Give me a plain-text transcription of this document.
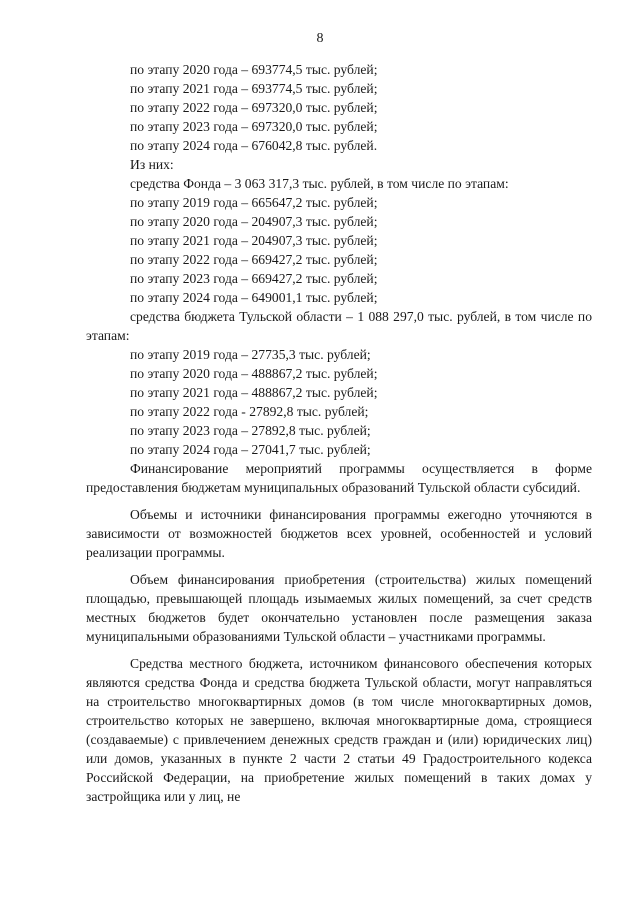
8
по этапу 2020 года – 693774,5 тыс. рублей;
по этапу 2021 года – 693774,5 тыс. рублей;
по этапу 2022 года – 697320,0 тыс. рублей;
по этапу 2023 года – 697320,0 тыс. рублей;
по этапу 2024 года – 676042,8 тыс. рублей.
Из них:
средства Фонда – 3 063 317,3 тыс. рублей, в том числе по этапам:
по этапу 2019 года – 665647,2 тыс. рублей;
по этапу 2020 года – 204907,3 тыс. рублей;
по этапу 2021 года – 204907,3 тыс. рублей;
по этапу 2022 года – 669427,2 тыс. рублей;
по этапу 2023 года – 669427,2 тыс. рублей;
по этапу 2024 года – 649001,1 тыс. рублей;
средства бюджета Тульской области – 1 088 297,0 тыс. рублей, в том числе по этапам:
по этапу 2019 года – 27735,3 тыс. рублей;
по этапу 2020 года – 488867,2 тыс. рублей;
по этапу 2021 года – 488867,2 тыс. рублей;
по этапу 2022 года - 27892,8 тыс. рублей;
по этапу 2023 года – 27892,8 тыс. рублей;
по этапу 2024 года – 27041,7 тыс. рублей;

Финансирование мероприятий программы осуществляется в форме предоставления бюджетам муниципальных образований Тульской области субсидий.

Объемы и источники финансирования программы ежегодно уточняются в зависимости от возможностей бюджетов всех уровней, особенностей и условий реализации программы.

Объем финансирования приобретения (строительства) жилых помещений площадью, превышающей площадь изымаемых жилых помещений, за счет средств местных бюджетов будет окончательно установлен после размещения заказа муниципальными образованиями Тульской области – участниками программы.

Средства местного бюджета, источником финансового обеспечения которых являются средства Фонда и средства бюджета Тульской области, могут направляться на строительство многоквартирных домов (в том числе многоквартирных домов, строительство которых не завершено, включая многоквартирные дома, строящиеся (создаваемые) с привлечением денежных средств граждан и (или) юридических лиц) или домов, указанных в пункте 2 части 2 статьи 49 Градостроительного кодекса Российской Федерации, на приобретение жилых помещений в таких домах у застройщика или у лиц, не
